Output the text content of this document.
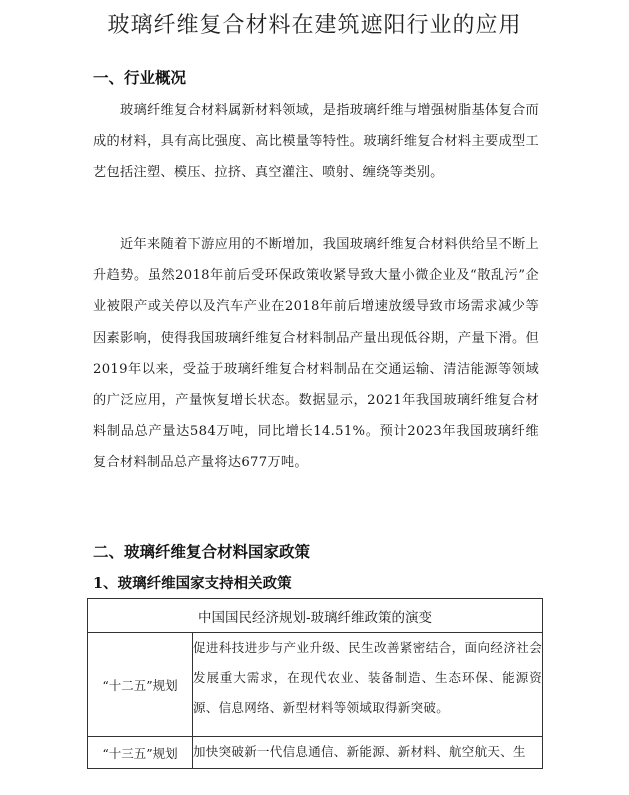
玻璃纤维复合材料在建筑遮阳行业的应用
一、行业概况
玻璃纤维复合材料属新材料领域，是指玻璃纤维与增强树脂基体复合而成的材料，具有高比强度、高比模量等特性。玻璃纤维复合材料主要成型工艺包括注塑、模压、拉挤、真空灌注、喷射、缠绕等类别。
近年来随着下游应用的不断增加，我国玻璃纤维复合材料供给呈不断上升趋势。虽然2018年前后受环保政策收紧导致大量小微企业及“散乱污”企业被限产或关停以及汽车产业在2018年前后增速放缓导致市场需求减少等因素影响，使得我国玻璃纤维复合材料制品产量出现低谷期，产量下滑。但2019年以来，受益于玻璃纤维复合材料制品在交通运输、清洁能源等领域的广泛应用，产量恢复增长状态。数据显示，2021年我国玻璃纤维复合材料制品总产量达584万吨，同比增长14.51%。预计2023年我国玻璃纤维复合材料制品总产量将达677万吨。
二、玻璃纤维复合材料国家政策
1、玻璃纤维国家支持相关政策
中国国民经济规划-玻璃纤维政策的演变	
“十二五”规划	促进科技进步与产业升级、民生改善紧密结合，面向经济社会发展重大需求，在现代农业、装备制造、生态环保、能源资源、信息网络、新型材料等领域取得新突破。
“十三五”规划	加快突破新一代信息通信、新能源、新材料、航空航天、生
